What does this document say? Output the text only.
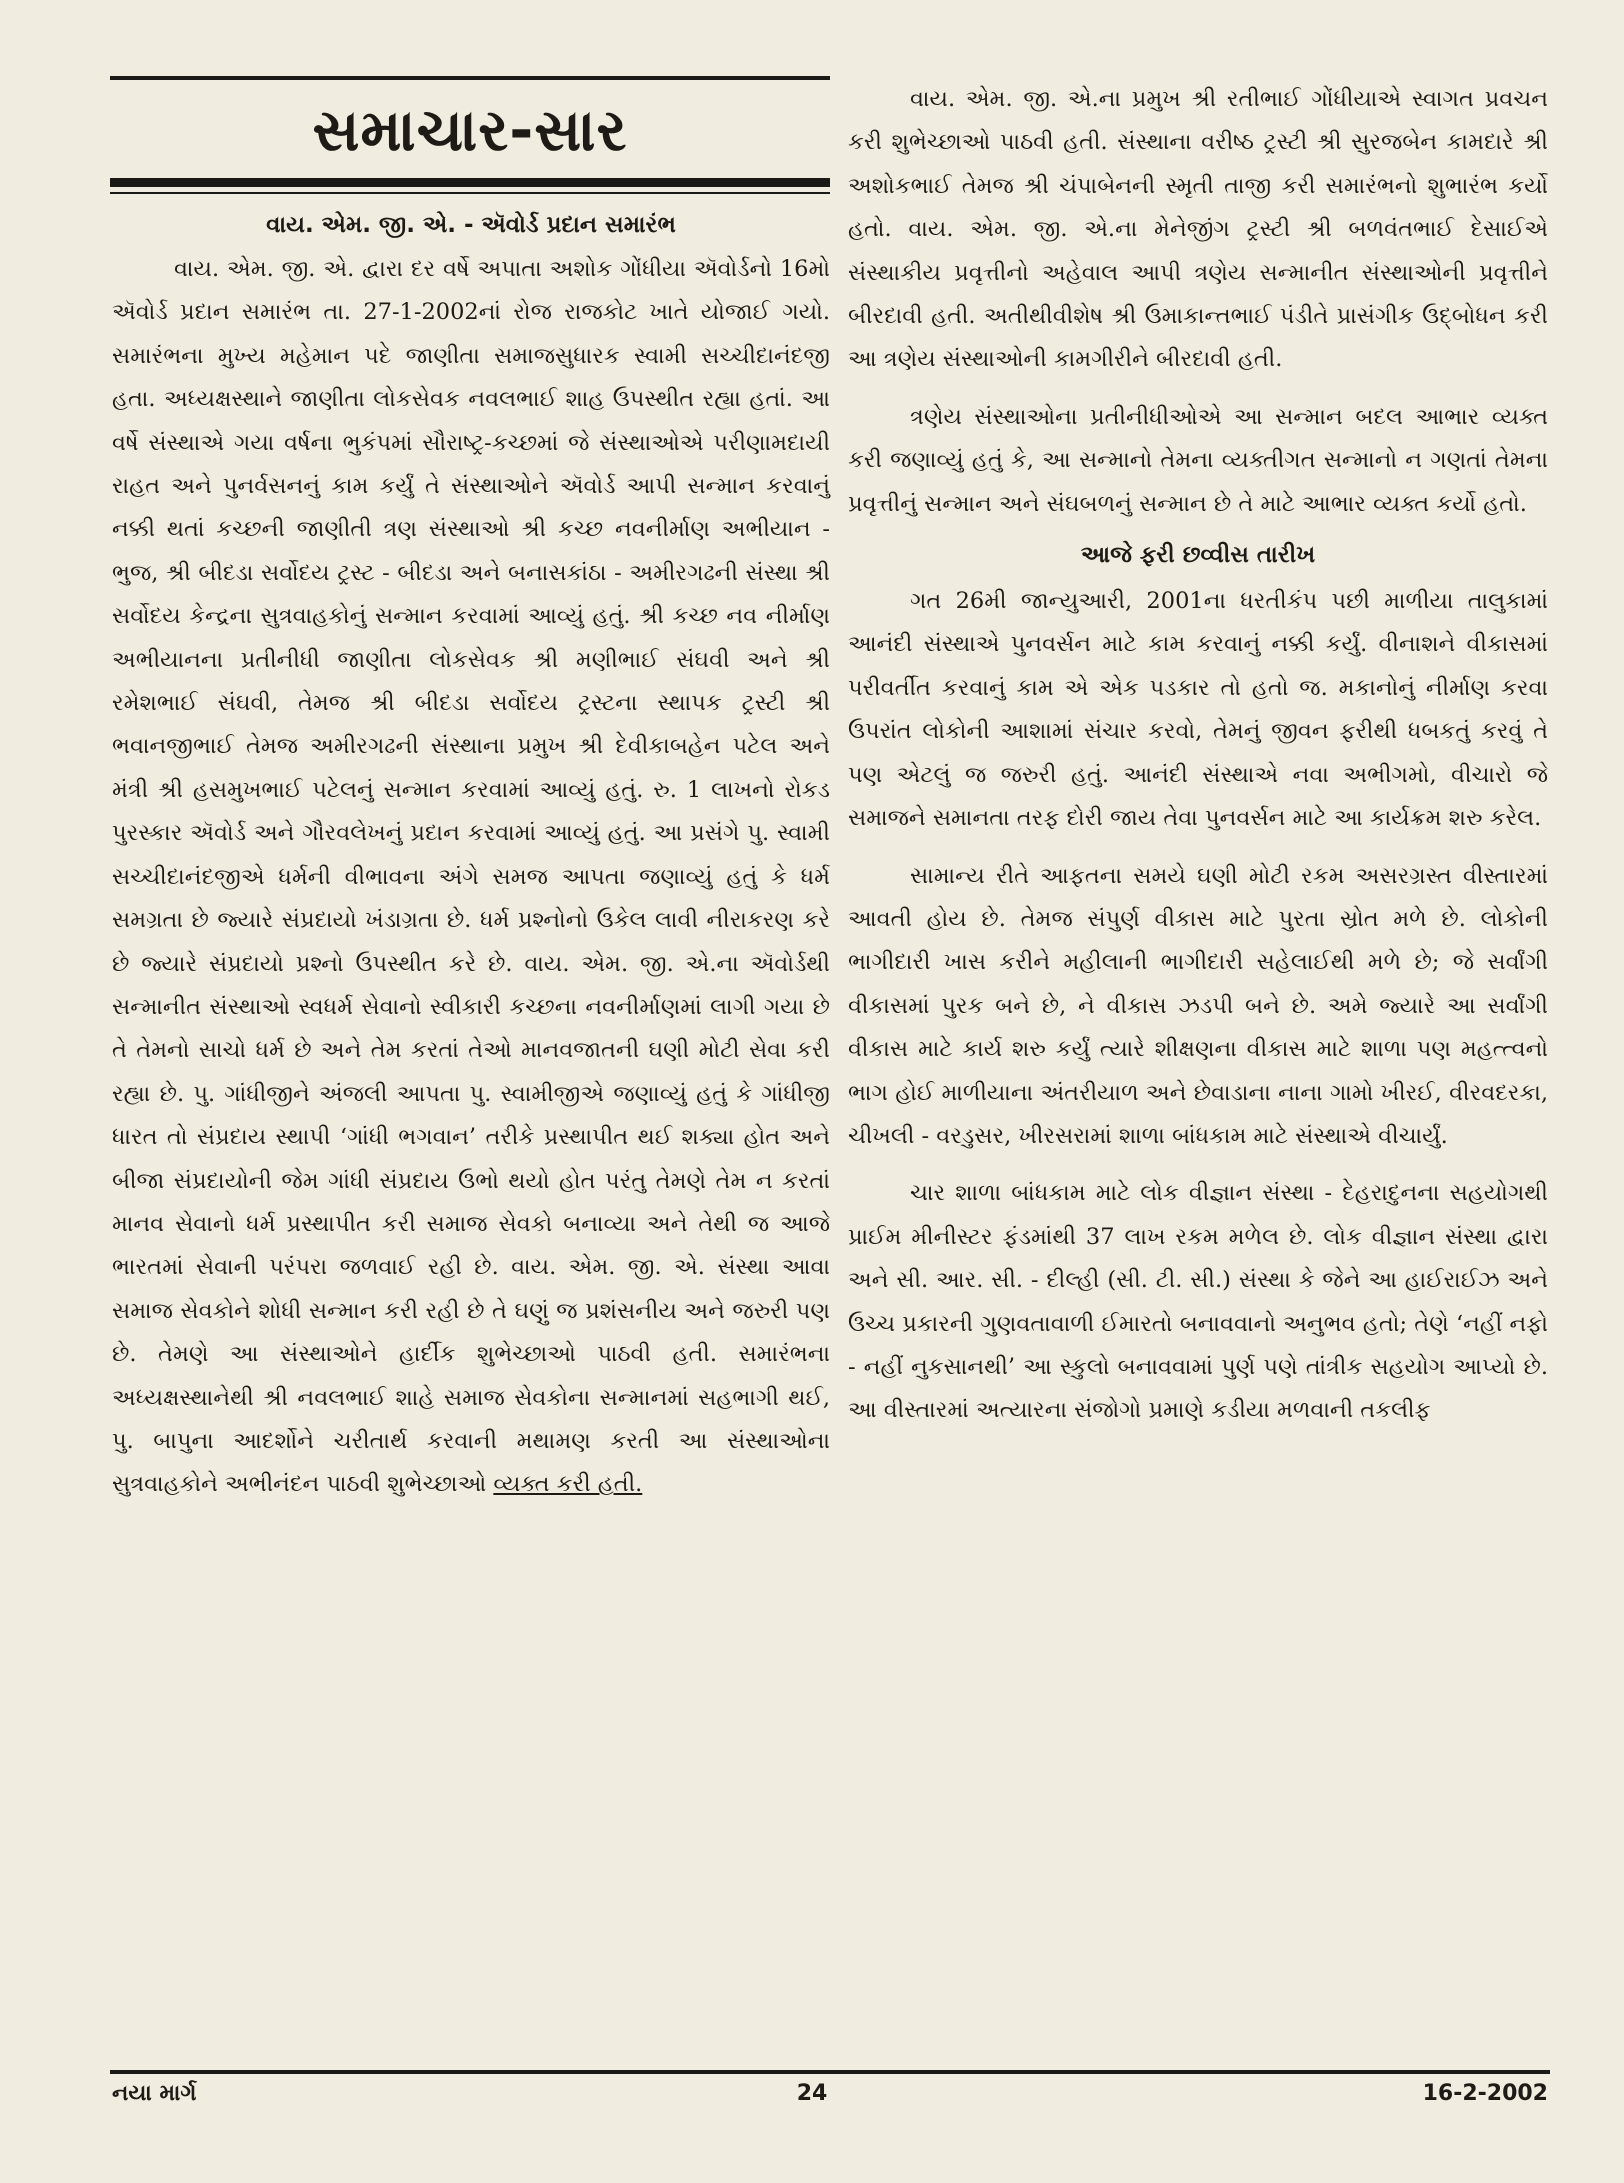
સમાચાર-સાર
વાય. એમ. જી. એ. - ઍવોર્ડ પ્રદાન સમારંભ

વાય. એમ. જી. એ. દ્વારા દર વર્ષે અપાતા અશોક ગોંધીયા ઍવોર્ડનો 16મો ઍવોર્ડ પ્રદાન સમારંભ તા. 27-1-2002નાં રોજ રાજકોટ ખાતે યોજાઈ ગયો. સમારંભના મુખ્ય મહેમાન પદે જાણીતા સમાજસુધારક સ્વામી સચ્ચીદાનંદજી હતા. અધ્યક્ષસ્થાને જાણીતા લોકસેવક નવલભાઈ શાહ ઉપસ્થીત રહ્યા હતાં. આ વર્ષે સંસ્થાએ ગયા વર્ષના ભુકંપમાં સૌરાષ્ટ્ર-કચ્છમાં જે સંસ્થાઓએ પરીણામદાયી રાહત અને પુનર્વસનનું કામ કર્યું તે સંસ્થાઓને ઍવોર્ડ આપી સન્માન કરવાનું નક્કી થતાં કચ્છની જાણીતી ત્રણ સંસ્થાઓ શ્રી કચ્છ નવનીર્માણ અભીયાન - ભુજ, શ્રી બીદડા સર્વોદય ટ્રસ્ટ - બીદડા અને બનાસકાંઠા - અમીરગઢની સંસ્થા શ્રી સર્વોદય કેન્દ્રના સુત્રવાહકોનું સન્માન કરવામાં આવ્યું હતું. શ્રી કચ્છ નવ નીર્માણ અભીયાનના પ્રતીનીધી જાણીતા લોકસેવક શ્રી મણીભાઈ સંઘવી અને શ્રી રમેશભાઈ સંઘવી, તેમજ શ્રી બીદડા સર્વોદય ટ્રસ્ટના સ્થાપક ટ્રસ્ટી શ્રી ભવાનજીભાઈ તેમજ અમીરગઢની સંસ્થાના પ્રમુખ શ્રી દેવીકાબહેન પટેલ અને મંત્રી શ્રી હસમુખભાઈ પટેલનું સન્માન કરવામાં આવ્યું હતું. રુ. 1 લાખનો રોકડ પુરસ્કાર ઍવોર્ડ અને ગૌરવલેખનું પ્રદાન કરવામાં આવ્યું હતું. આ પ્રસંગે પુ. સ્વામી સચ્ચીદાનંદજીએ ધર્મની વીભાવના અંગે સમજ આપતા જણાવ્યું હતું કે ધર્મ સમગ્રતા છે જ્યારે સંપ્રદાયો ખંડાગ્રતા છે. ધર્મ પ્રશ્નોનો ઉકેલ લાવી નીરાકરણ કરે છે જ્યારે સંપ્રદાયો પ્રશ્નો ઉપસ્થીત કરે છે. વાય. એમ. જી. એ.ના ઍવોર્ડથી સન્માનીત સંસ્થાઓ સ્વધર્મ સેવાનો સ્વીકારી કચ્છના નવનીર્માણમાં લાગી ગયા છે તે તેમનો સાચો ધર્મ છે અને તેમ કરતાં તેઓ માનવજાતની ઘણી મોટી સેવા કરી રહ્યા છે. પુ. ગાંધીજીને અંજલી આપતા પુ. સ્વામીજીએ જણાવ્યું હતું કે ગાંધીજી ધારત તો સંપ્રદાય સ્થાપી ‘ગાંધી ભગવાન’ તરીકે પ્રસ્થાપીત થઈ શક્યા હોત અને બીજા સંપ્રદાયોની જેમ ગાંધી સંપ્રદાય ઉભો થયો હોત પરંતુ તેમણે તેમ ન કરતાં માનવ સેવાનો ધર્મ પ્રસ્થાપીત કરી સમાજ સેવકો બનાવ્યા અને તેથી જ આજે ભારતમાં સેવાની પરંપરા જળવાઈ રહી છે. વાય. એમ. જી. એ. સંસ્થા આવા સમાજ સેવકોને શોધી સન્માન કરી રહી છે તે ઘણું જ પ્રશંસનીય અને જરુરી પણ છે. તેમણે આ સંસ્થાઓને હાર્દીક શુભેચ્છાઓ પાઠવી હતી. સમારંભના અધ્યક્ષસ્થાનેથી શ્રી નવલભાઈ શાહે સમાજ સેવકોના સન્માનમાં સહભાગી થઈ, પુ. બાપુના આદર્શોને ચરીતાર્થ કરવાની મથામણ કરતી આ સંસ્થાઓના સુત્રવાહકોને અભીનંદન પાઠવી શુભેચ્છાઓ વ્યક્ત કરી હતી.

વાય. એમ. જી. એ.ના પ્રમુખ શ્રી રતીભાઈ ગોંધીયાએ સ્વાગત પ્રવચન કરી શુભેચ્છાઓ પાઠવી હતી. સંસ્થાના વરીષ્ઠ ટ્રસ્ટી શ્રી સુરજબેન કામદારે શ્રી અશોકભાઈ તેમજ શ્રી ચંપાબેનની સ્મૃતી તાજી કરી સમારંભનો શુભારંભ કર્યો હતો. વાય. એમ. જી. એ.ના મેનેજીંગ ટ્રસ્ટી શ્રી બળવંતભાઈ દેસાઈએ સંસ્થાકીય પ્રવૃત્તીનો અહેવાલ આપી ત્રણેય સન્માનીત સંસ્થાઓની પ્રવૃત્તીને બીરદાવી હતી. અતીથીવીશેષ શ્રી ઉમાકાન્તભાઈ પંડીતે પ્રાસંગીક ઉદ્બોધન કરી આ ત્રણેય સંસ્થાઓની કામગીરીને બીરદાવી હતી.

ત્રણેય સંસ્થાઓના પ્રતીનીધીઓએ આ સન્માન બદલ આભાર વ્યક્ત કરી જણાવ્યું હતું કે, આ સન્માનો તેમના વ્યક્તીગત સન્માનો ન ગણતાં તેમના પ્રવૃત્તીનું સન્માન અને સંઘબળનું સન્માન છે તે માટે આભાર વ્યક્ત કર્યો હતો.

આજે ફરી છવ્વીસ તારીખ

ગત 26મી જાન્યુઆરી, 2001ના ધરતીકંપ પછી માળીયા તાલુકામાં આનંદી સંસ્થાએ પુનવર્સન માટે કામ કરવાનું નક્કી કર્યું. વીનાશને વીકાસમાં પરીવર્તીત કરવાનું કામ એ એક પડકાર તો હતો જ. મકાનોનું નીર્માણ કરવા ઉપરાંત લોકોની આશામાં સંચાર કરવો, તેમનું જીવન ફરીથી ધબકતું કરવું તે પણ એટલું જ જરુરી હતું. આનંદી સંસ્થાએ નવા અભીગમો, વીચારો જે સમાજને સમાનતા તરફ દોરી જાય તેવા પુનવર્સન માટે આ કાર્યક્રમ શરુ કરેલ.

સામાન્ય રીતે આફતના સમયે ઘણી મોટી રકમ અસરગ્રસ્ત વીસ્તારમાં આવતી હોય છે. તેમજ સંપુર્ણ વીકાસ માટે પુરતા સ્રોત મળે છે. લોકોની ભાગીદારી ખાસ કરીને મહીલાની ભાગીદારી સહેલાઈથી મળે છે; જે સર્વાંગી વીકાસમાં પુરક બને છે, ને વીકાસ ઝડપી બને છે. અમે જ્યારે આ સર્વાંગી વીકાસ માટે કાર્ય શરુ કર્યું ત્યારે શીક્ષણના વીકાસ માટે શાળા પણ મહત્ત્વનો ભાગ હોઈ માળીયાના અંતરીયાળ અને છેવાડાના નાના ગામો ખીરઈ, વીરવદરકા, ચીખલી - વરડુસર, ખીરસરામાં શાળા બાંધકામ માટે સંસ્થાએ વીચાર્યું.

ચાર શાળા બાંધકામ માટે લોક વીજ્ઞાન સંસ્થા - દેહરાદુનના સહયોગથી પ્રાઈમ મીનીસ્ટર ફંડમાંથી 37 લાખ રકમ મળેલ છે. લોક વીજ્ઞાન સંસ્થા દ્વારા અને સી. આર. સી. - દીલ્હી (સી. ટી. સી.) સંસ્થા કે જેને આ હાઈરાઈઝ અને ઉચ્ચ પ્રકારની ગુણવતાવાળી ઈમારતો બનાવવાનો અનુભવ હતો; તેણે ‘નહીં નફો - નહીં નુકસાનથી’ આ સ્કુલો બનાવવામાં પુર્ણ પણે તાંત્રીક સહયોગ આપ્યો છે. આ વીસ્તારમાં અત્યારના સંજોગો પ્રમાણે કડીયા મળવાની તકલીફ

નયા માર્ગ	24	16-2-2002
